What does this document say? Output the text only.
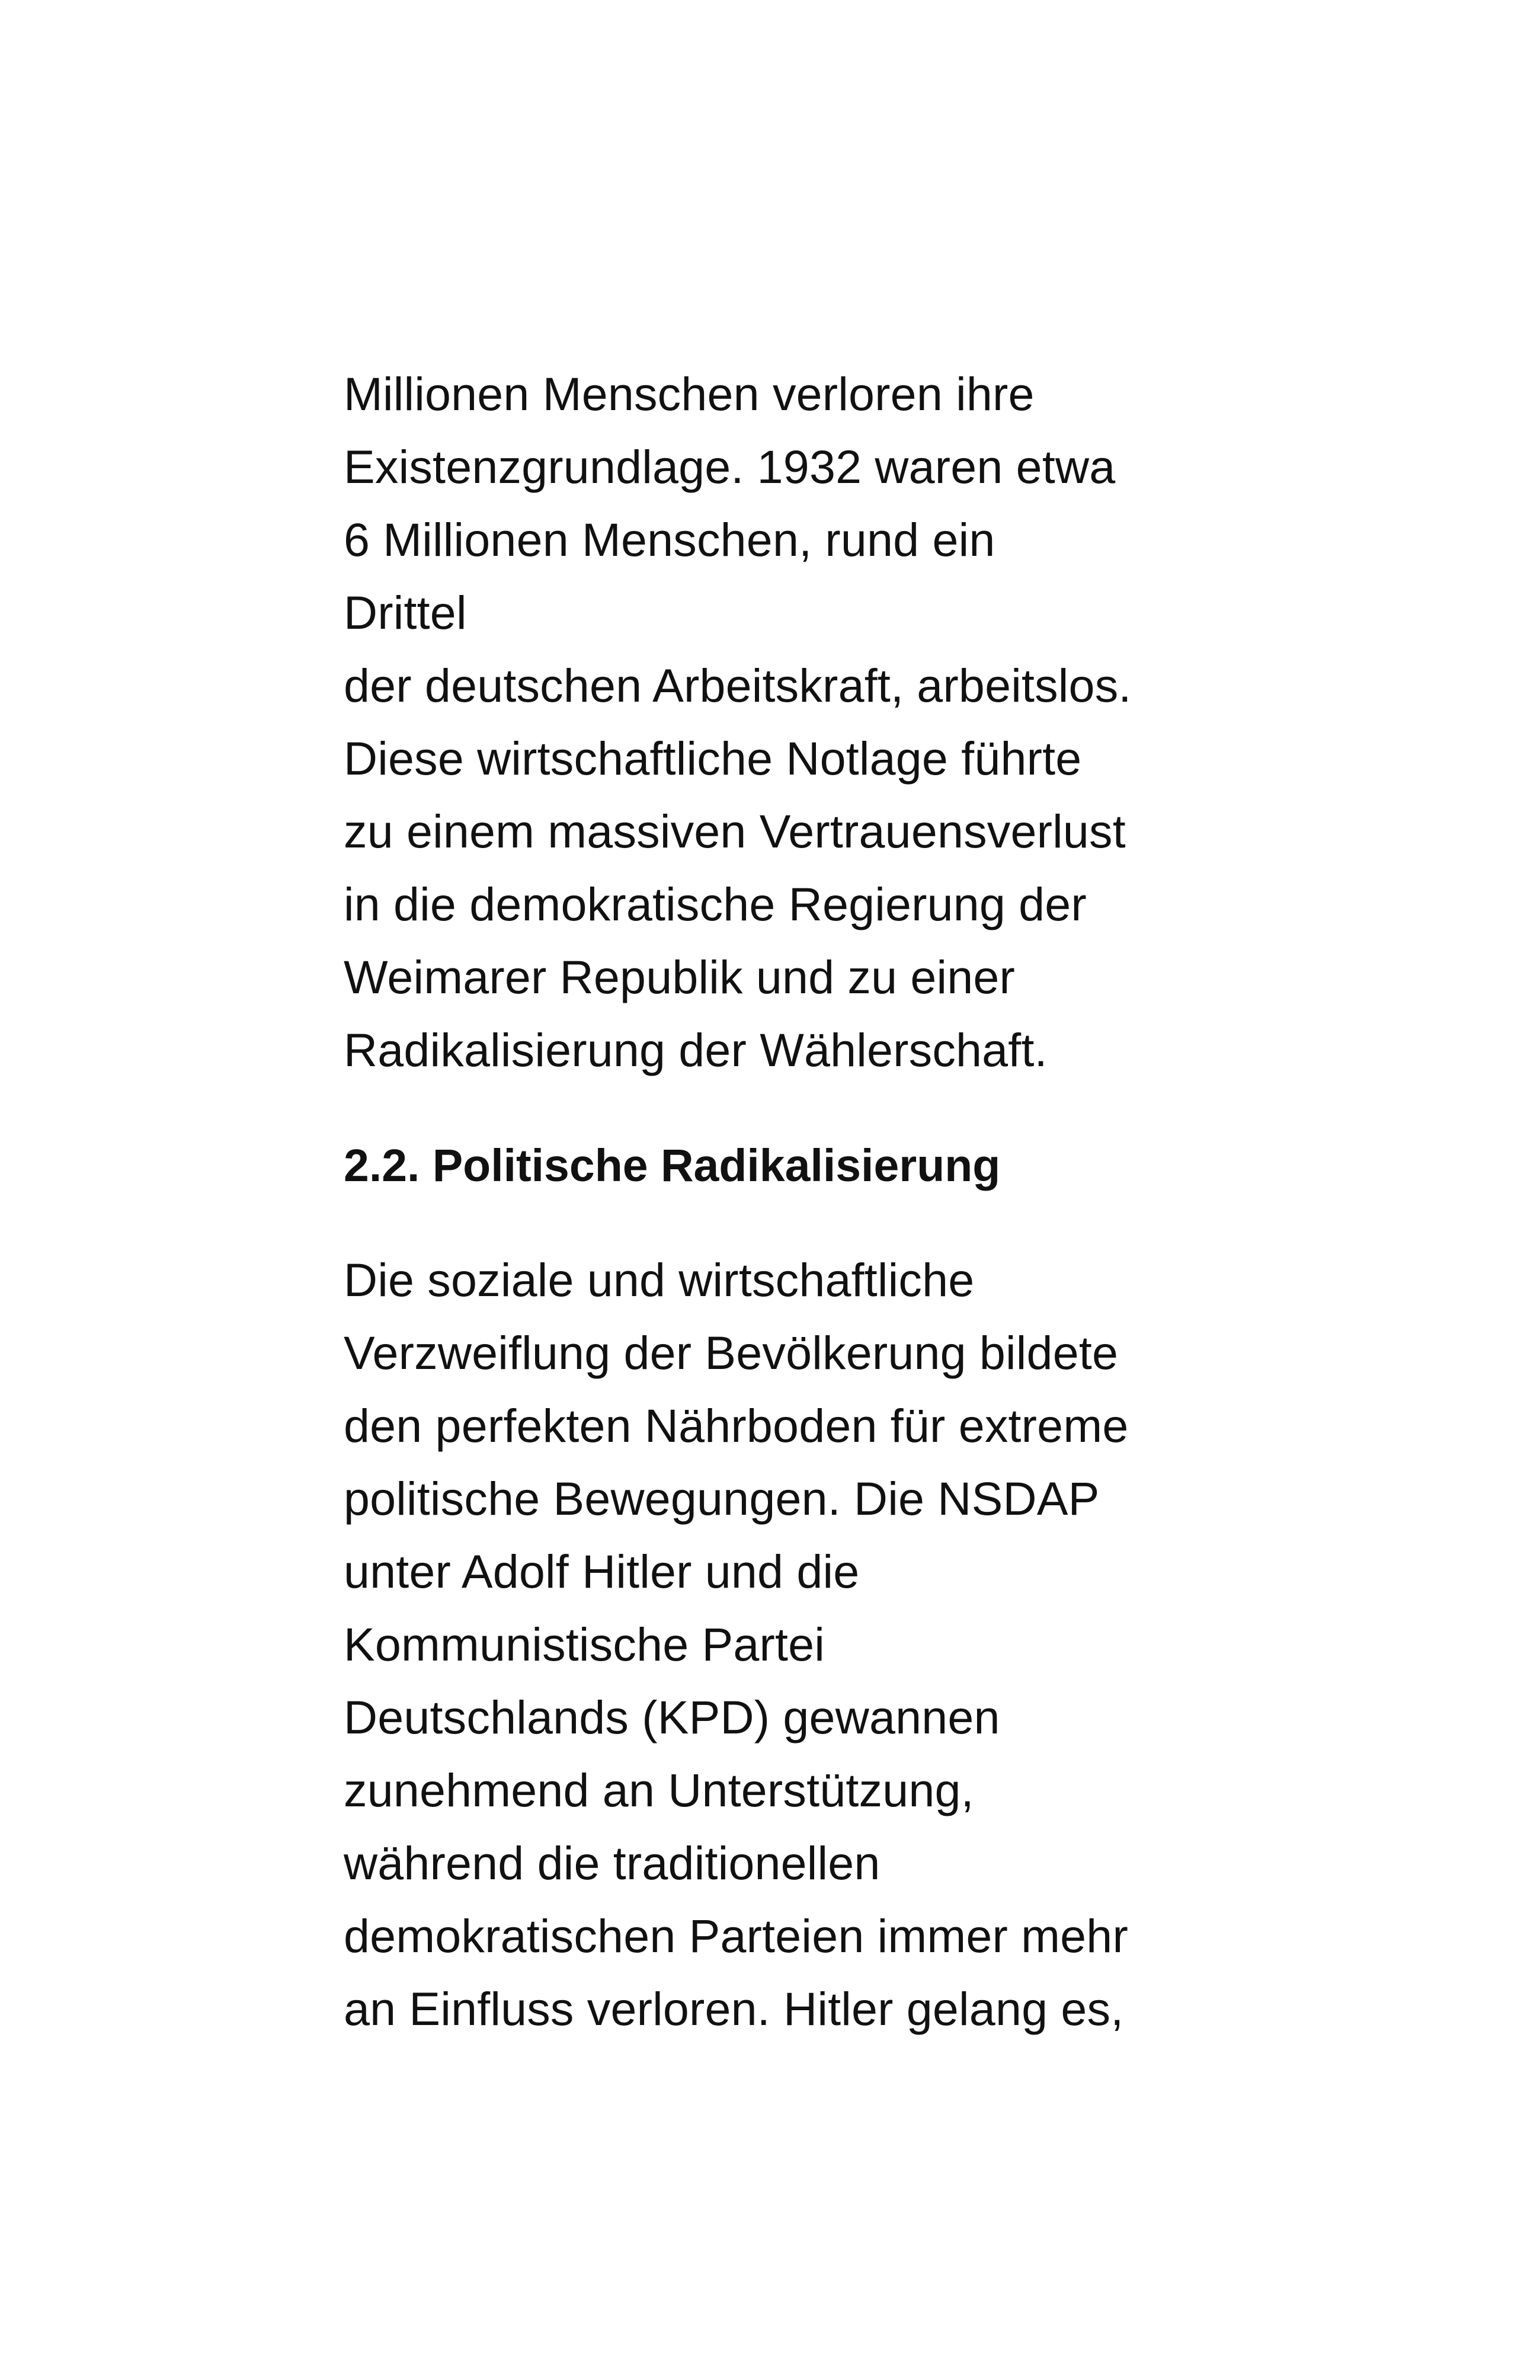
Millionen Menschen verloren ihre
Existenzgrundlage. 1932 waren etwa
6 Millionen Menschen, rund ein
Drittel
der deutschen Arbeitskraft, arbeitslos.
Diese wirtschaftliche Notlage führte
zu einem massiven Vertrauensverlust
in die demokratische Regierung der
Weimarer Republik und zu einer
Radikalisierung der Wählerschaft.
2.2. Politische Radikalisierung
Die soziale und wirtschaftliche
Verzweiflung der Bevölkerung bildete
den perfekten Nährboden für extreme
politische Bewegungen. Die NSDAP
unter Adolf Hitler und die
Kommunistische Partei
Deutschlands (KPD) gewannen
zunehmend an Unterstützung,
während die traditionellen
demokratischen Parteien immer mehr
an Einfluss verloren. Hitler gelang es,
